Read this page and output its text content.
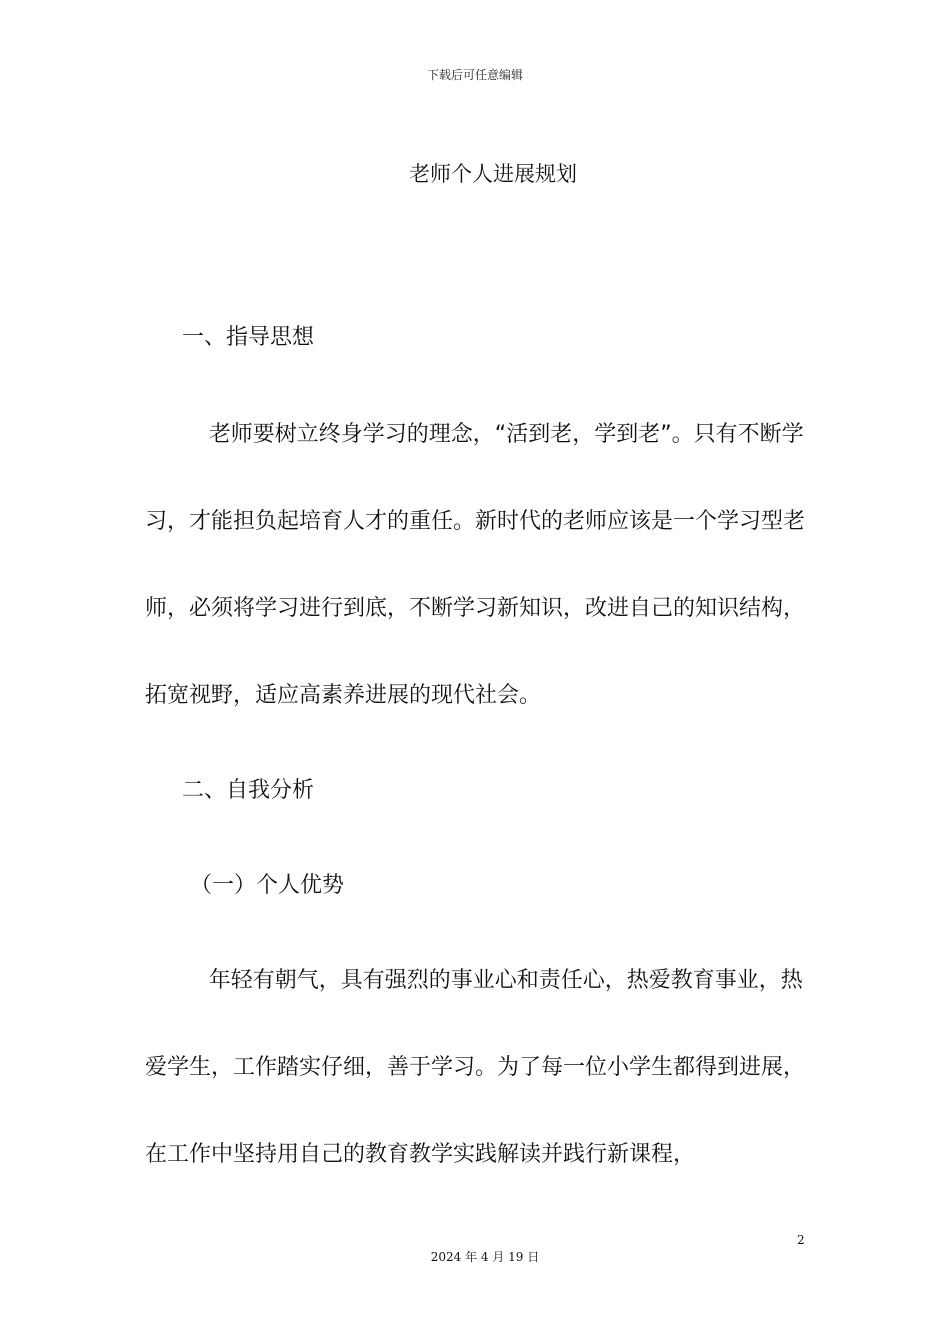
下载后可任意编辑
老师个人进展规划
一、指导思想

老师要树立终身学习的理念，“活到老，学到老”。只有不断学习，才能担负起培育人才的重任。新时代的老师应该是一个学习型老师，必须将学习进行到底，不断学习新知识，改进自己的知识结构，拓宽视野，适应高素养进展的现代社会。

二、自我分析
（一）个人优势

年轻有朝气，具有强烈的事业心和责任心，热爱教育事业，热爱学生，工作踏实仔细，善于学习。为了每一位小学生都得到进展，在工作中坚持用自己的教育教学实践解读并践行新课程，

2
2024 年 4 月 19 日
